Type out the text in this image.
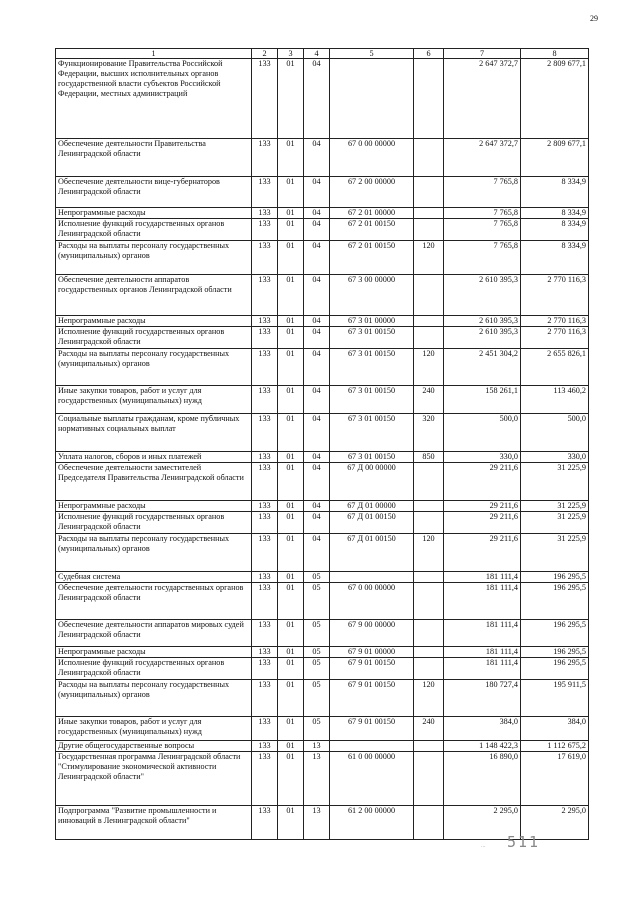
29
1	2	3	4	5	6	7	8
Функционирование Правительства Российской Федерации, высших исполнительных органов государственной власти субъектов Российской Федерации, местных администраций	133	01	04			2 647 372,7	2 809 677,1
Обеспечение деятельности Правительства Ленинградской области	133	01	04	67 0 00 00000		2 647 372,7	2 809 677,1
Обеспечение деятельности вице-губернаторов Ленинградской области	133	01	04	67 2 00 00000		7 765,8	8 334,9
Непрограммные расходы	133	01	04	67 2 01 00000		7 765,8	8 334,9
Исполнение функций государственных органов Ленинградской области	133	01	04	67 2 01 00150		7 765,8	8 334,9
Расходы на выплаты персоналу государственных (муниципальных) органов	133	01	04	67 2 01 00150	120	7 765,8	8 334,9
Обеспечение деятельности аппаратов государственных органов Ленинградской области	133	01	04	67 3 00 00000		2 610 395,3	2 770 116,3
Непрограммные расходы	133	01	04	67 3 01 00000		2 610 395,3	2 770 116,3
Исполнение функций государственных органов Ленинградской области	133	01	04	67 3 01 00150		2 610 395,3	2 770 116,3
Расходы на выплаты персоналу государственных (муниципальных) органов	133	01	04	67 3 01 00150	120	2 451 304,2	2 655 826,1
Иные закупки товаров, работ и услуг для государственных (муниципальных) нужд	133	01	04	67 3 01 00150	240	158 261,1	113 460,2
Социальные выплаты гражданам, кроме публичных нормативных социальных выплат	133	01	04	67 3 01 00150	320	500,0	500,0
Уплата налогов, сборов и иных платежей	133	01	04	67 3 01 00150	850	330,0	330,0
Обеспечение деятельности заместителей Председателя Правительства Ленинградской области	133	01	04	67 Д 00 00000		29 211,6	31 225,9
Непрограммные расходы	133	01	04	67 Д 01 00000		29 211,6	31 225,9
Исполнение функций государственных органов Ленинградской области	133	01	04	67 Д 01 00150		29 211,6	31 225,9
Расходы на выплаты персоналу государственных (муниципальных) органов	133	01	04	67 Д 01 00150	120	29 211,6	31 225,9
Судебная система	133	01	05			181 111,4	196 295,5
Обеспечение деятельности государственных органов Ленинградской области	133	01	05	67 0 00 00000		181 111,4	196 295,5
Обеспечение деятельности аппаратов мировых судей Ленинградской области	133	01	05	67 9 00 00000		181 111,4	196 295,5
Непрограммные расходы	133	01	05	67 9 01 00000		181 111,4	196 295,5
Исполнение функций государственных органов Ленинградской области	133	01	05	67 9 01 00150		181 111,4	196 295,5
Расходы на выплаты персоналу государственных (муниципальных) органов	133	01	05	67 9 01 00150	120	180 727,4	195 911,5
Иные закупки товаров, работ и услуг для государственных (муниципальных) нужд	133	01	05	67 9 01 00150	240	384,0	384,0
Другие общегосударственные вопросы	133	01	13			1 148 422,3	1 112 675,2
Государственная программа Ленинградской области "Стимулирование экономической активности Ленинградской области"	133	01	13	61 0 00 00000		16 890,0	17 619,0
Подпрограмма "Развитие промышленности и инноваций в Ленинградской области"	133	01	13	61 2 00 00000		2 295,0	2 295,0
... 511
